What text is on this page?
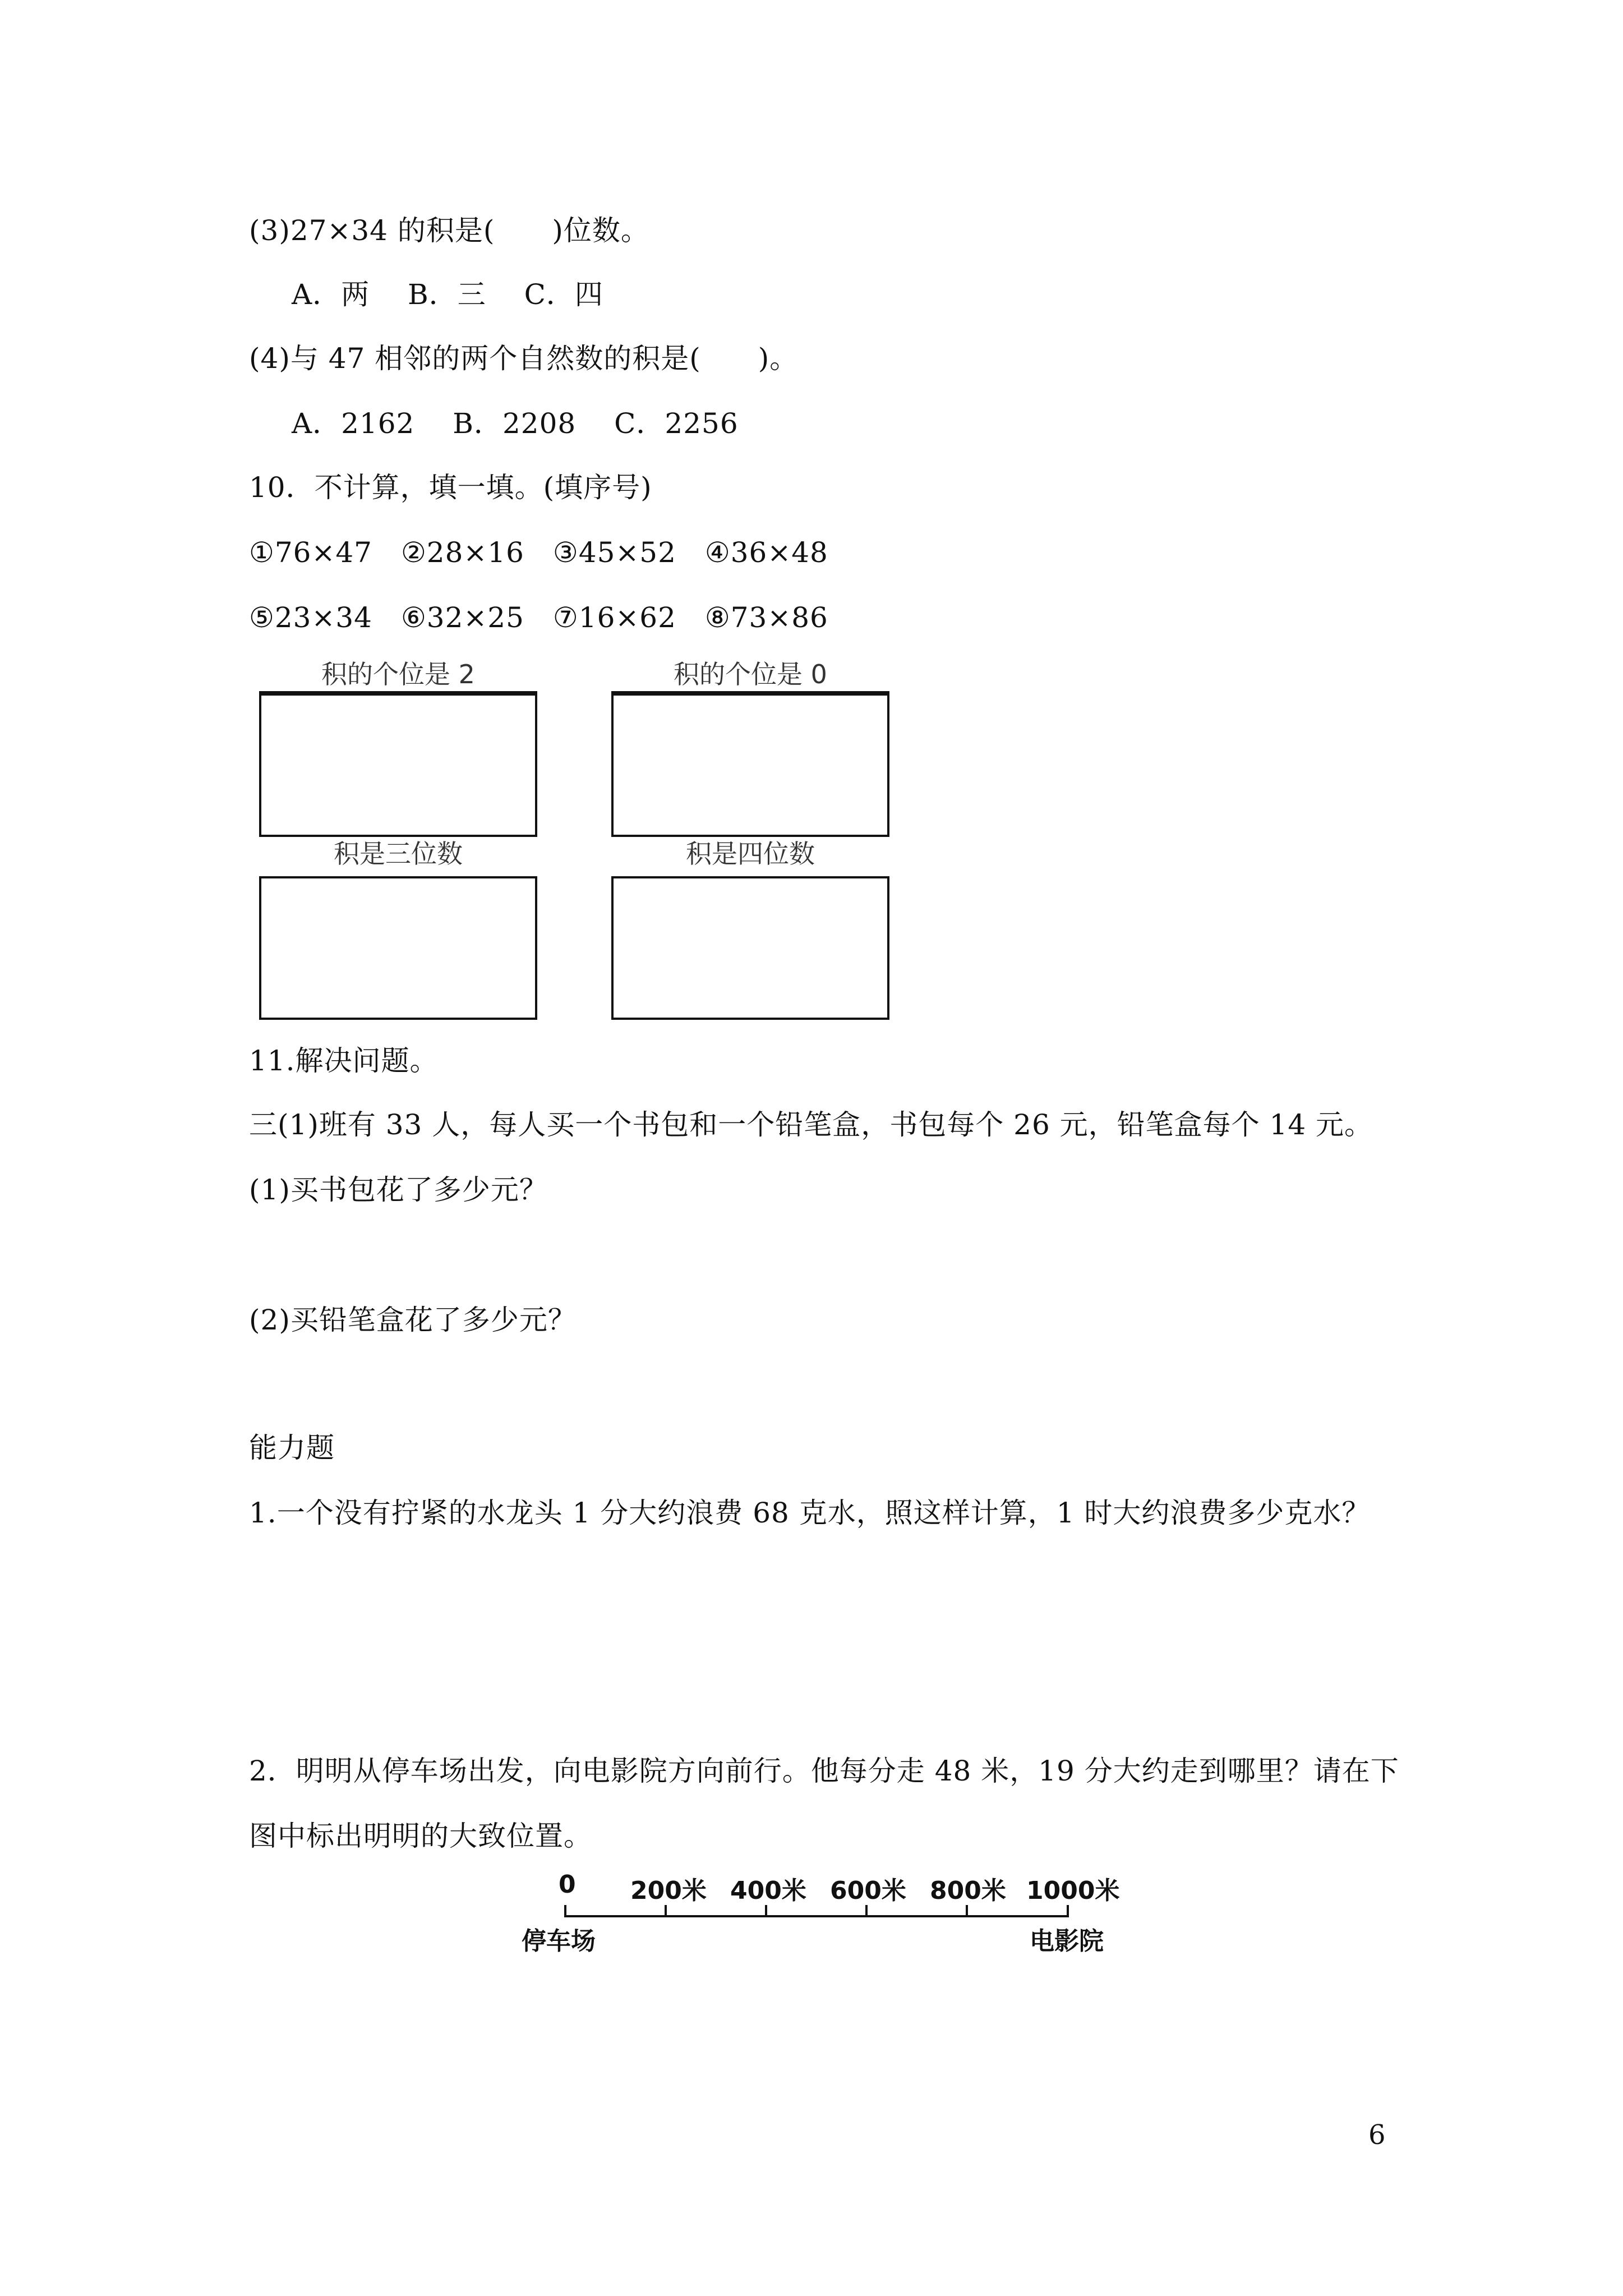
(3)27×34 的积是(　　)位数。

A．两　 B．三　 C．四

(4)与 47 相邻的两个自然数的积是(　　)。

A．2162　 B．2208　 C．2256

10．不计算，填一填。(填序号)

①76×47　②28×16　③45×52　④36×48

⑤23×34　⑥32×25　⑦16×62　⑧73×86

积的个位是 2	积的个位是 0
积是三位数	积是四位数

11.解决问题。

三(1)班有 33 人，每人买一个书包和一个铅笔盒，书包每个 26 元，铅笔盒每个 14 元。

(1)买书包花了多少元？

(2)买铅笔盒花了多少元？

能力题

1.一个没有拧紧的水龙头 1 分大约浪费 68 克水，照这样计算，1 时大约浪费多少克水？

2．明明从停车场出发，向电影院方向前行。他每分走 48 米，19 分大约走到哪里？请在下

图中标出明明的大致位置。

0 200米 400米 600米 800米 1000米
停车场	电影院
6
